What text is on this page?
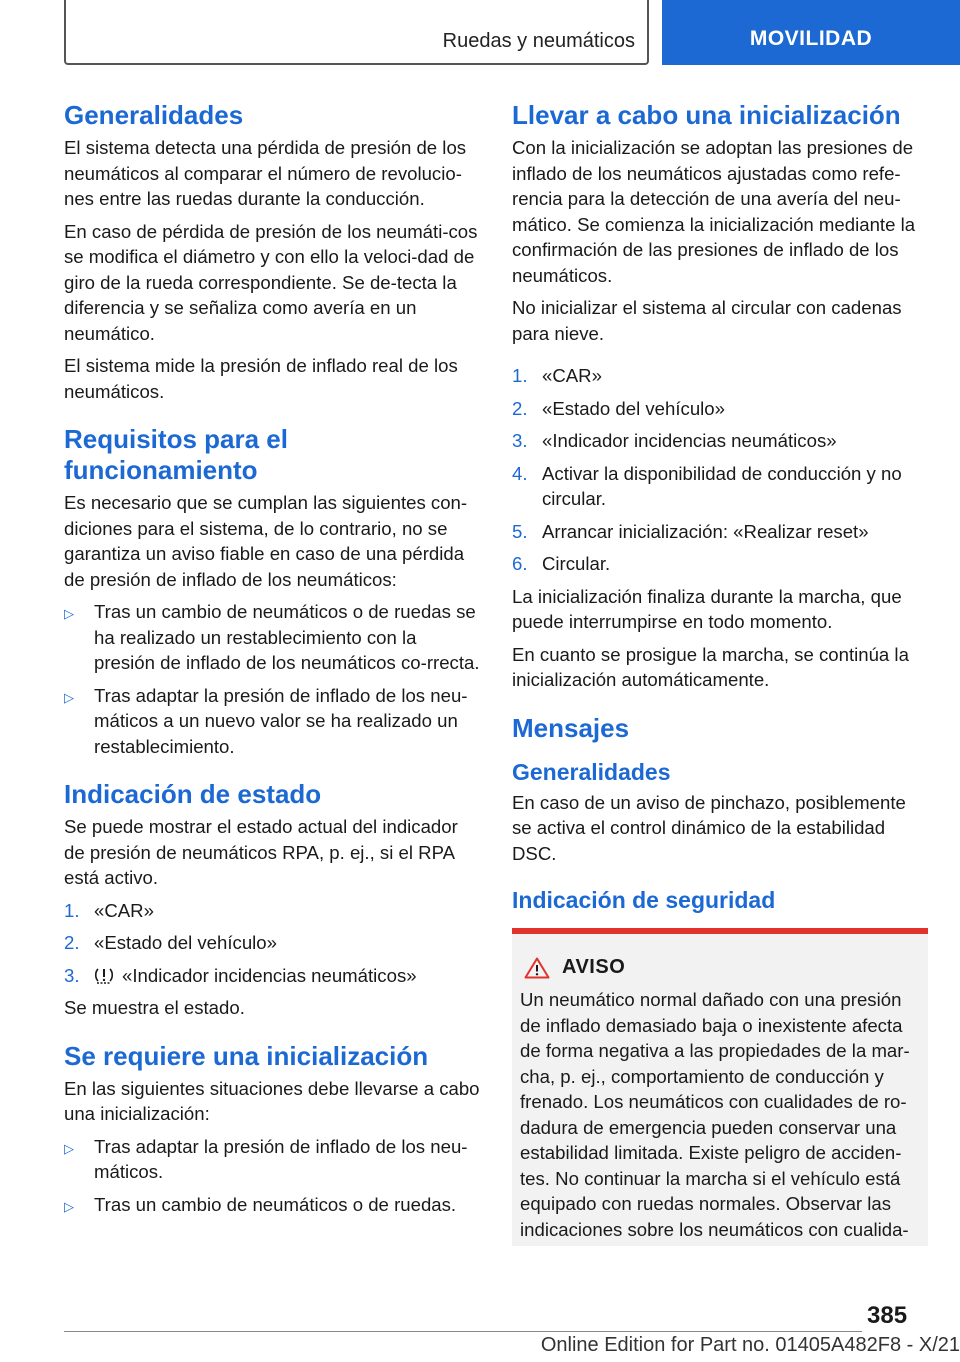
Ruedas y neumáticos	MOVILIDAD
Generalidades

El sistema detecta una pérdida de presión de los neumáticos al comparar el número de revolucio-nes entre las ruedas durante la conducción.

En caso de pérdida de presión de los neumáti-cos se modifica el diámetro y con ello la veloci-dad de giro de la rueda correspondiente. Se de-tecta la diferencia y se señaliza como avería en un neumático.

El sistema mide la presión de inflado real de los neumáticos.

Requisitos para el funcionamiento

Es necesario que se cumplan las siguientes con-diciones para el sistema, de lo contrario, no se garantiza un aviso fiable en caso de una pérdida de presión de inflado de los neumáticos:

▷	Tras un cambio de neumáticos o de ruedas se ha realizado un restablecimiento con la presión de inflado de los neumáticos co-rrecta.
▷	Tras adaptar la presión de inflado de los neu-máticos a un nuevo valor se ha realizado un restablecimiento.
Indicación de estado

Se puede mostrar el estado actual del indicador de presión de neumáticos RPA, p. ej., si el RPA está activo.

1. «CAR»
2. «Estado del vehículo»
3.	«Indicador incidencias neumáticos»

Se muestra el estado.

Se requiere una inicialización

En las siguientes situaciones debe llevarse a cabo una inicialización:

▷	Tras adaptar la presión de inflado de los neu-máticos.
▷	Tras un cambio de neumáticos o de ruedas.
Llevar a cabo una inicialización

Con la inicialización se adoptan las presiones de inflado de los neumáticos ajustadas como refe-rencia para la detección de una avería del neu-mático. Se comienza la inicialización mediante la confirmación de las presiones de inflado de los neumáticos.

No inicializar el sistema al circular con cadenas para nieve.

1. «CAR»
2. «Estado del vehículo»
3. «Indicador incidencias neumáticos»
4. Activar la disponibilidad de conducción y no circular.
5. Arrancar inicialización: «Realizar reset»
6. Circular.

La inicialización finaliza durante la marcha, que puede interrumpirse en todo momento.

En cuanto se prosigue la marcha, se continúa la inicialización automáticamente.

Mensajes
Generalidades

En caso de un aviso de pinchazo, posiblemente se activa el control dinámico de la estabilidad DSC.

Indicación de seguridad
AVISO

Un neumático normal dañado con una presión de inflado demasiado baja o inexistente afecta de forma negativa a las propiedades de la mar-cha, p. ej., comportamiento de conducción y frenado. Los neumáticos con cualidades de ro-dadura de emergencia pueden conservar una estabilidad limitada. Existe peligro de acciden-tes. No continuar la marcha si el vehículo está equipado con ruedas normales. Observar las indicaciones sobre los neumáticos con cualida-

385
Online Edition for Part no. 01405A482F8 - X/21
